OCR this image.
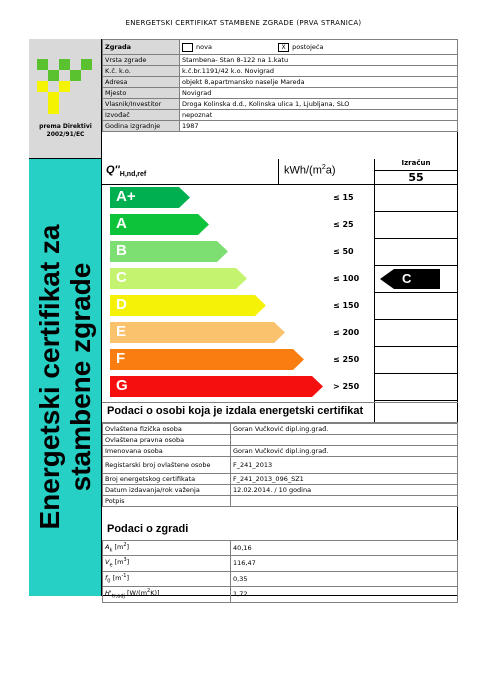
ENERGETSKI CERTIFIKAT STAMBENE ZGRADE (PRVA STRANICA)
prema Direktivi
2002/91/EC
Energetski certifikat za stambene zgrade
Zgrada	nova X postojeća
Vrsta zgrade	Stambena- Stan 8-122 na 1.katu
K.č. k.o.	k.č.br.1191/42 k.o. Novigrad
Adresa	objekt 8,apartmansko naselje Mareda
Mjesto	Novigrad
Vlasnik/Investitor	Droga Kolinska d.d., Kolinska ulica 1, Ljubljana, SLO
Izvođač	nepoznat
Godina izgradnje	1987
$Q''_{H,nd,ref}$	kWh/$(m^2a)$
Izračun
55
A+	≤ 15
A	≤ 25
B	≤ 50
C	≤ 100
D	≤ 150
E	≤ 200
F	≤ 250
G	> 250
C
Podaci o osobi koja je izdala energetski certifikat
Ovlaštena fizička osoba	Goran Vučković dipl.ing.građ.
Ovlaštena pravna osoba	
Imenovana osoba	Goran Vučković dipl.ing.građ.
Registarski broj ovlaštene osobe	F_241_2013
Broj energetskog certifikata	F_241_2013_096_SZ1
Datum izdavanja/rok važenja	12.02.2014. / 10 godina
Potpis	
Podaci o zgradi
$A_k$ $[m^2]$	40,16
$V_e$ $[m^3]$	116,47
$f_0$ $[m^{-1}]$	0,35
$H'_{tr,adj}$ $[W/(m^2K)]$	1,72
